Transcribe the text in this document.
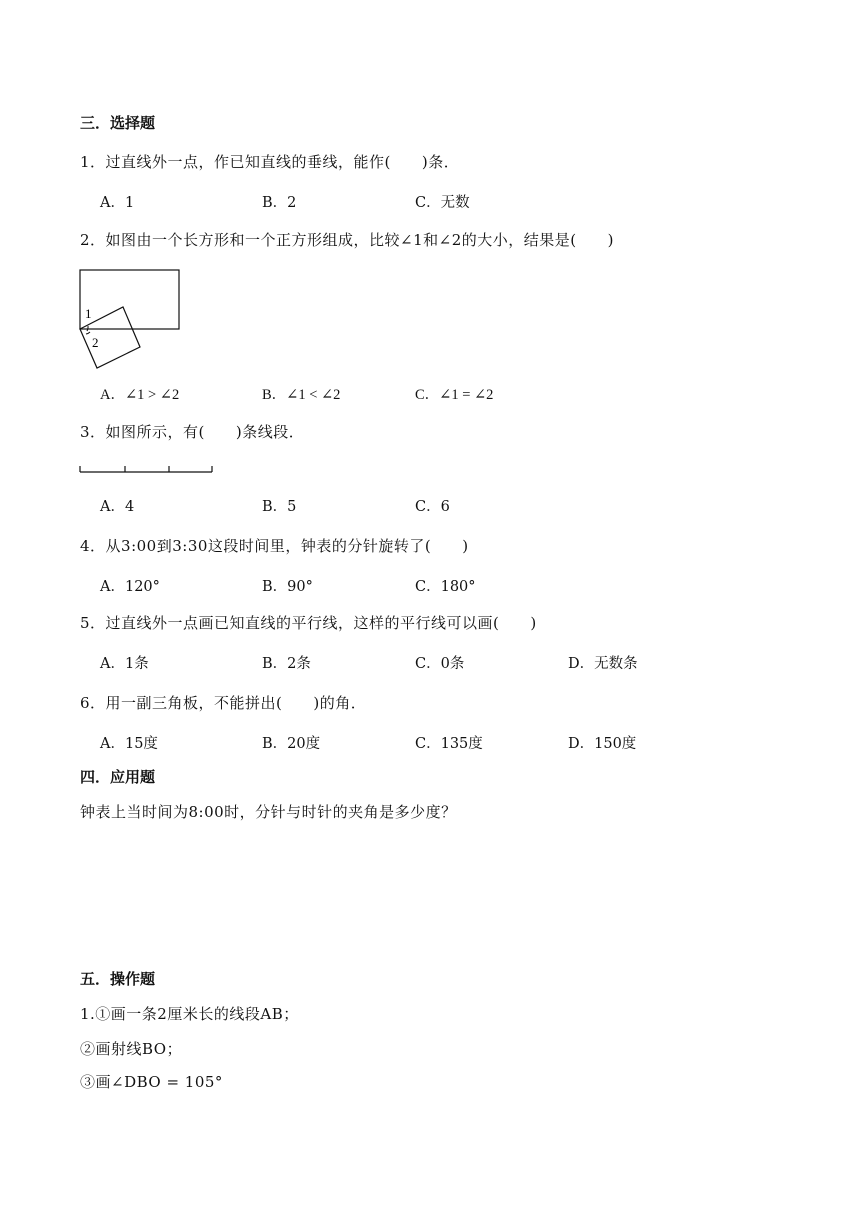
三．选择题
1．过直线外一点，作已知直线的垂线，能作(　　)条．
A．1	B．2	C．无数
2．如图由一个长方形和一个正方形组成，比较∠1和∠2的大小，结果是(　　)
1
2
A．∠1 > ∠2	B．∠1 < ∠2	C．∠1 = ∠2
3．如图所示，有(　　)条线段．
A．4	B．5	C．6
4．从3:00到3:30这段时间里，钟表的分针旋转了(　　)
A．120°	B．90°	C．180°
5．过直线外一点画已知直线的平行线，这样的平行线可以画(　　)
A．1条	B．2条	C．0条	D．无数条
6．用一副三角板，不能拼出(　　)的角．
A．15度	B．20度	C．135度	D．150度
四．应用题
钟表上当时间为8:00时，分针与时针的夹角是多少度？
五．操作题
1.①画一条2厘米长的线段AB；
②画射线BO；
③画∠DBO = 105°
